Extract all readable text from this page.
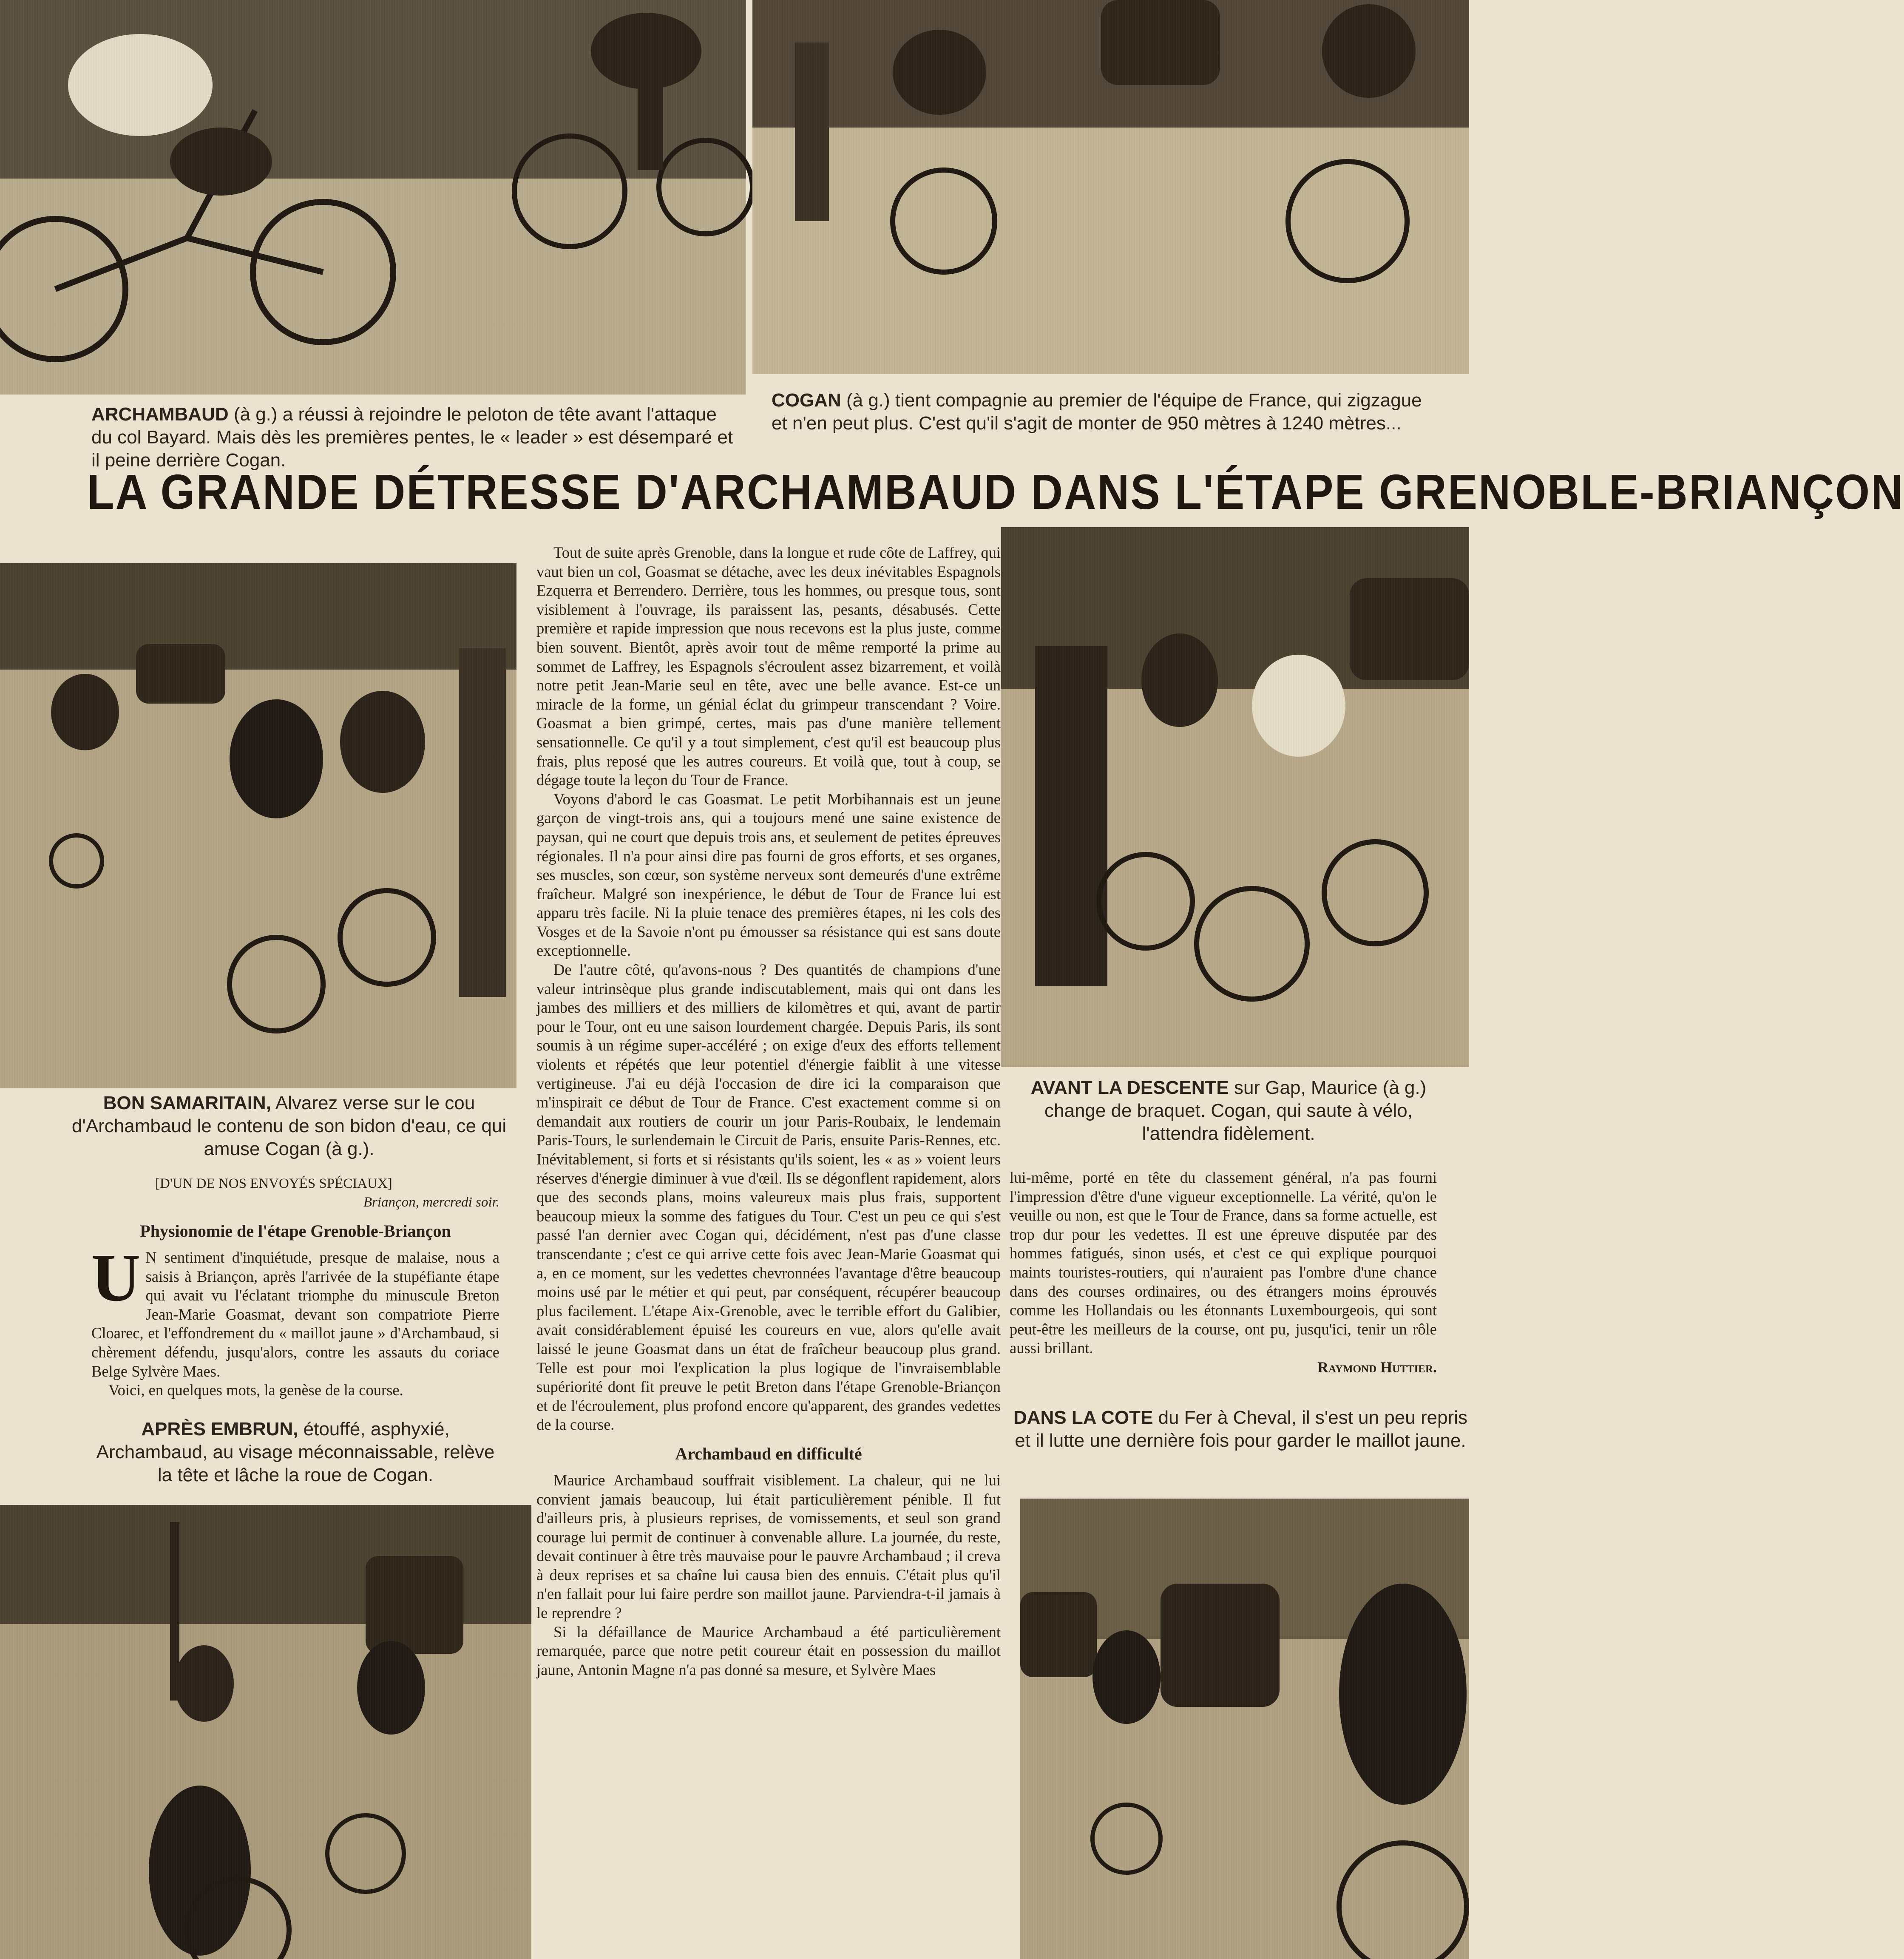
ARCHAMBAUD (à g.) a réussi à rejoindre le peloton de tête avant l'attaque du col Bayard. Mais dès les premières pentes, le « leader » est désemparé et il peine derrière Cogan.
COGAN (à g.) tient compagnie au premier de l'équipe de France, qui zigzague et n'en peut plus. C'est qu'il s'agit de monter de 950 mètres à 1240 mètres...
LA GRANDE DÉTRESSE D'ARCHAMBAUD DANS L'ÉTAPE GRENOBLE-BRIANÇON
BON SAMARITAIN, Alvarez verse sur le cou d'Archambaud le contenu de son bidon d'eau, ce qui amuse Cogan (à g.).
[D'UN DE NOS ENVOYÉS SPÉCIAUX]
Briançon, mercredi soir.
Physionomie de l'étape Grenoble-Briançon

U N sentiment d'inquiétude, presque de malaise, nous a saisis à Briançon, après l'arrivée de la stupéfiante étape qui avait vu l'éclatant triomphe du minuscule Breton Jean-Marie Goasmat, devant son compatriote Pierre Cloarec, et l'effondrement du « maillot jaune » d'Archambaud, si chèrement défendu, jusqu'alors, contre les assauts du coriace Belge Sylvère Maes.

Voici, en quelques mots, la genèse de la course.

APRÈS EMBRUN, étouffé, asphyxié, Archambaud, au visage méconnaissable, relève la tête et lâche la roue de Cogan.

Tout de suite après Grenoble, dans la longue et rude côte de Laffrey, qui vaut bien un col, Goasmat se détache, avec les deux inévitables Espagnols Ezquerra et Berrendero. Derrière, tous les hommes, ou presque tous, sont visiblement à l'ouvrage, ils paraissent las, pesants, désabusés. Cette première et rapide impression que nous recevons est la plus juste, comme bien souvent. Bientôt, après avoir tout de même remporté la prime au sommet de Laffrey, les Espagnols s'écroulent assez bizarrement, et voilà notre petit Jean-Marie seul en tête, avec une belle avance. Est-ce un miracle de la forme, un génial éclat du grimpeur transcendant ? Voire. Goasmat a bien grimpé, certes, mais pas d'une manière tellement sensationnelle. Ce qu'il y a tout simplement, c'est qu'il est beaucoup plus frais, plus reposé que les autres coureurs. Et voilà que, tout à coup, se dégage toute la leçon du Tour de France.

Voyons d'abord le cas Goasmat. Le petit Morbihannais est un jeune garçon de vingt-trois ans, qui a toujours mené une saine existence de paysan, qui ne court que depuis trois ans, et seulement de petites épreuves régionales. Il n'a pour ainsi dire pas fourni de gros efforts, et ses organes, ses muscles, son cœur, son système nerveux sont demeurés d'une extrême fraîcheur. Malgré son inexpérience, le début de Tour de France lui est apparu très facile. Ni la pluie tenace des premières étapes, ni les cols des Vosges et de la Savoie n'ont pu émousser sa résistance qui est sans doute exceptionnelle.

De l'autre côté, qu'avons-nous ? Des quantités de champions d'une valeur intrinsèque plus grande indiscutablement, mais qui ont dans les jambes des milliers et des milliers de kilomètres et qui, avant de partir pour le Tour, ont eu une saison lourdement chargée. Depuis Paris, ils sont soumis à un régime super-accéléré ; on exige d'eux des efforts tellement violents et répétés que leur potentiel d'énergie faiblit à une vitesse vertigineuse. J'ai eu déjà l'occasion de dire ici la comparaison que m'inspirait ce début de Tour de France. C'est exactement comme si on demandait aux routiers de courir un jour Paris-Roubaix, le lendemain Paris-Tours, le surlendemain le Circuit de Paris, ensuite Paris-Rennes, etc. Inévitablement, si forts et si résistants qu'ils soient, les « as » voient leurs réserves d'énergie diminuer à vue d'œil. Ils se dégonflent rapidement, alors que des seconds plans, moins valeureux mais plus frais, supportent beaucoup mieux la somme des fatigues du Tour. C'est un peu ce qui s'est passé l'an dernier avec Cogan qui, décidément, n'est pas d'une classe transcendante ; c'est ce qui arrive cette fois avec Jean-Marie Goasmat qui a, en ce moment, sur les vedettes chevronnées l'avantage d'être beaucoup moins usé par le métier et qui peut, par conséquent, récupérer beaucoup plus facilement. L'étape Aix-Grenoble, avec le terrible effort du Galibier, avait considérablement épuisé les coureurs en vue, alors qu'elle avait laissé le jeune Goasmat dans un état de fraîcheur beaucoup plus grand. Telle est pour moi l'explication la plus logique de l'invraisemblable supériorité dont fit preuve le petit Breton dans l'étape Grenoble-Briançon et de l'écroulement, plus profond encore qu'apparent, des grandes vedettes de la course.

Archambaud en difficulté

Maurice Archambaud souffrait visiblement. La chaleur, qui ne lui convient jamais beaucoup, lui était particulièrement pénible. Il fut d'ailleurs pris, à plusieurs reprises, de vomissements, et seul son grand courage lui permit de continuer à convenable allure. La journée, du reste, devait continuer à être très mauvaise pour le pauvre Archambaud ; il creva à deux reprises et sa chaîne lui causa bien des ennuis. C'était plus qu'il n'en fallait pour lui faire perdre son maillot jaune. Parviendra-t-il jamais à le reprendre ?

Si la défaillance de Maurice Archambaud a été particulièrement remarquée, parce que notre petit coureur était en possession du maillot jaune, Antonin Magne n'a pas donné sa mesure, et Sylvère Maes

AVANT LA DESCENTE sur Gap, Maurice (à g.) change de braquet. Cogan, qui saute à vélo, l'attendra fidèlement.

lui-même, porté en tête du classement général, n'a pas fourni l'impression d'être d'une vigueur exceptionnelle. La vérité, qu'on le veuille ou non, est que le Tour de France, dans sa forme actuelle, est trop dur pour les vedettes. Il est une épreuve disputée par des hommes fatigués, sinon usés, et c'est ce qui explique pourquoi maints touristes-routiers, qui n'auraient pas l'ombre d'une chance dans des courses ordinaires, ou des étrangers moins éprouvés comme les Hollandais ou les étonnants Luxembourgeois, qui sont peut-être les meilleurs de la course, ont pu, jusqu'ici, tenir un rôle aussi brillant.

Raymond Huttier.
DANS LA COTE du Fer à Cheval, il s'est un peu repris et il lutte une dernière fois pour garder le maillot jaune.
